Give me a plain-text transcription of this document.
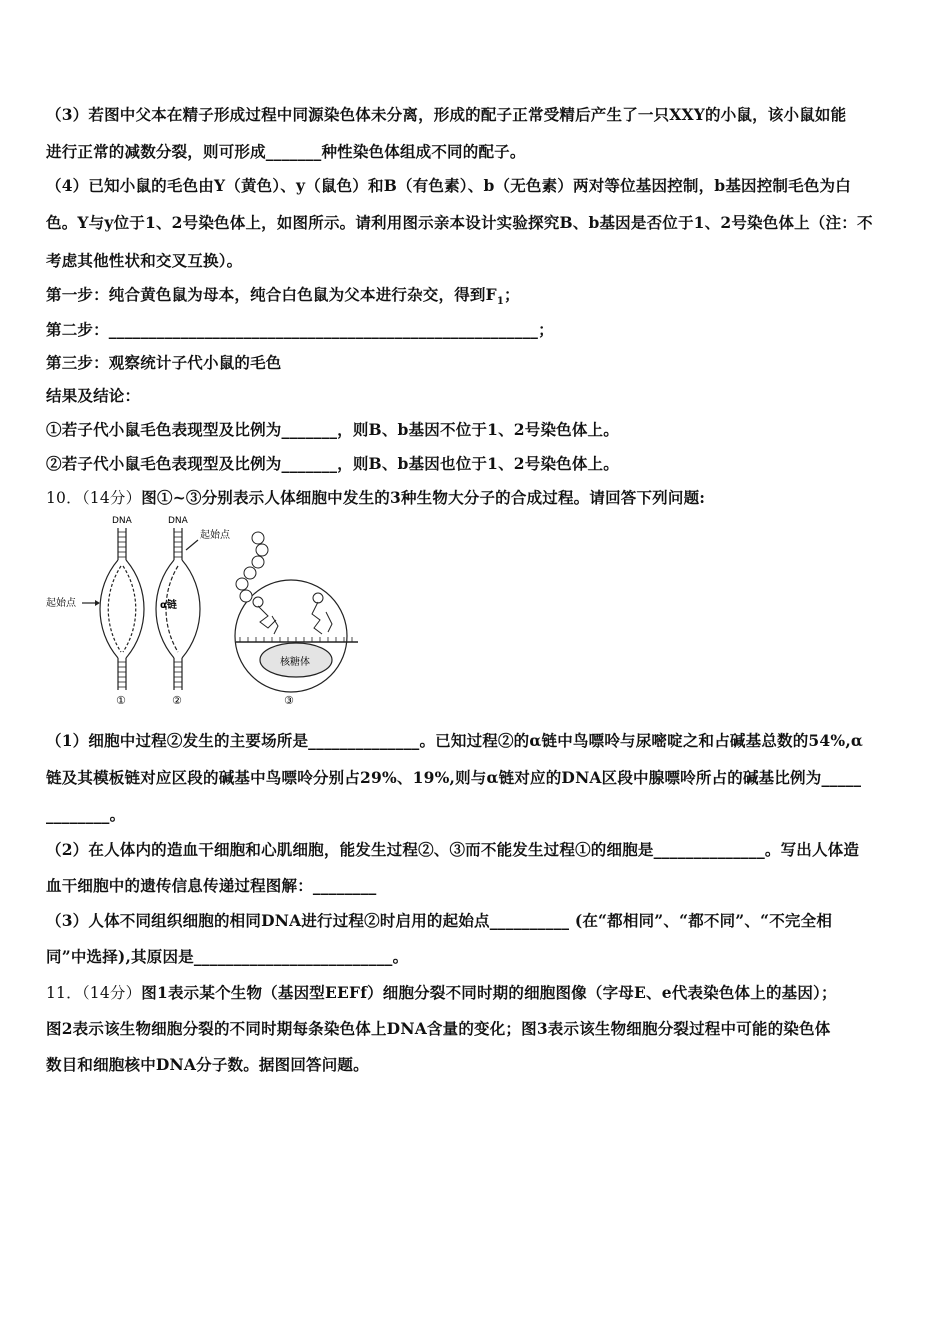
（3）若图中父本在精子形成过程中同源染色体未分离，形成的配子正常受精后产生了一只XXY的小鼠，该小鼠如能
进行正常的减数分裂，则可形成_______种性染色体组成不同的配子。
（4）已知小鼠的毛色由Y（黄色）、y（鼠色）和B（有色素）、b（无色素）两对等位基因控制，b基因控制毛色为白
色。Y与y位于1、2号染色体上，如图所示。请利用图示亲本设计实验探究B、b基因是否位于1、2号染色体上（注：不
考虑其他性状和交叉互换）。
第一步：纯合黄色鼠为母本，纯合白色鼠为父本进行杂交，得到$F_1$；
第二步：______________________________________________________；
第三步：观察统计子代小鼠的毛色
结果及结论：
①若子代小鼠毛色表现型及比例为_______，则B、b基因不位于1、2号染色体上。
②若子代小鼠毛色表现型及比例为_______，则B、b基因也位于1、2号染色体上。
10．（14分）图①~③分别表示人体细胞中发生的3种生物大分子的合成过程。请回答下列问题:
DNA
起始点
①
DNA
起始点
α链
②
核糖体
③
（1）细胞中过程②发生的主要场所是______________。已知过程②的α链中鸟嘌呤与尿嘧啶之和占碱基总数的54%,α
链及其模板链对应区段的碱基中鸟嘌呤分别占29%、19%,则与α链对应的DNA区段中腺嘌呤所占的碱基比例为_____
________。
（2）在人体内的造血干细胞和心肌细胞，能发生过程②、③而不能发生过程①的细胞是______________。写出人体造
血干细胞中的遗传信息传递过程图解：________
（3）人体不同组织细胞的相同DNA进行过程②时启用的起始点__________ (在“都相同”、“都不同”、“不完全相
同”中选择),其原因是_________________________。
11．（14分）图1表示某个生物（基因型EEFf）细胞分裂不同时期的细胞图像（字母E、e代表染色体上的基因）；
图2表示该生物细胞分裂的不同时期每条染色体上DNA含量的变化；图3表示该生物细胞分裂过程中可能的染色体
数目和细胞核中DNA分子数。据图回答问题。
